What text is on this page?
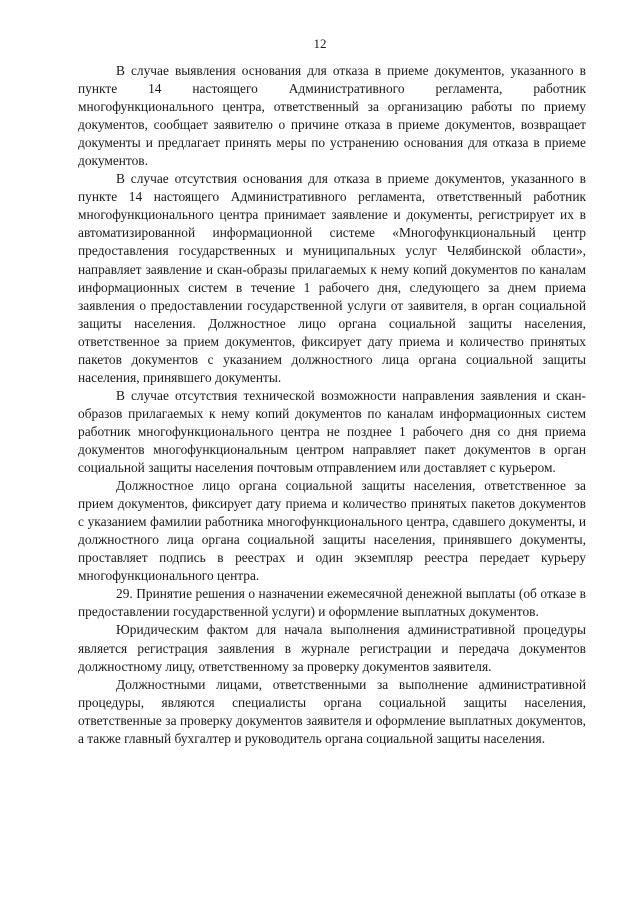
12

В случае выявления основания для отказа в приеме документов, указанного в пункте 14 настоящего Административного регламента, работник многофункционального центра, ответственный за организацию работы по приему документов, сообщает заявителю о причине отказа в приеме документов, возвращает документы и предлагает принять меры по устранению основания для отказа в приеме документов.

В случае отсутствия основания для отказа в приеме документов, указанного в пункте 14 настоящего Административного регламента, ответственный работник многофункционального центра принимает заявление и документы, регистрирует их в автоматизированной информационной системе «Многофункциональный центр предоставления государственных и муниципальных услуг Челябинской области», направляет заявление и скан-образы прилагаемых к нему копий документов по каналам информационных систем в течение 1 рабочего дня, следующего за днем приема заявления о предоставлении государственной услуги от заявителя, в орган социальной защиты населения. Должностное лицо органа социальной защиты населения, ответственное за прием документов, фиксирует дату приема и количество принятых пакетов документов с указанием должностного лица органа социальной защиты населения, принявшего документы.

В случае отсутствия технической возможности направления заявления и скан-образов прилагаемых к нему копий документов по каналам информационных систем работник многофункционального центра не позднее 1 рабочего дня со дня приема документов многофункциональным центром направляет пакет документов в орган социальной защиты населения почтовым отправлением или доставляет с курьером.

Должностное лицо органа социальной защиты населения, ответственное за прием документов, фиксирует дату приема и количество принятых пакетов документов с указанием фамилии работника многофункционального центра, сдавшего документы, и должностного лица органа социальной защиты населения, принявшего документы, проставляет подпись в реестрах и один экземпляр реестра передает курьеру многофункционального центра.

29. Принятие решения о назначении ежемесячной денежной выплаты (об отказе в предоставлении государственной услуги) и оформление выплатных документов.

Юридическим фактом для начала выполнения административной процедуры является регистрация заявления в журнале регистрации и передача документов должностному лицу, ответственному за проверку документов заявителя.

Должностными лицами, ответственными за выполнение административной процедуры, являются специалисты органа социальной защиты населения, ответственные за проверку документов заявителя и оформление выплатных документов, а также главный бухгалтер и руководитель органа социальной защиты населения.
